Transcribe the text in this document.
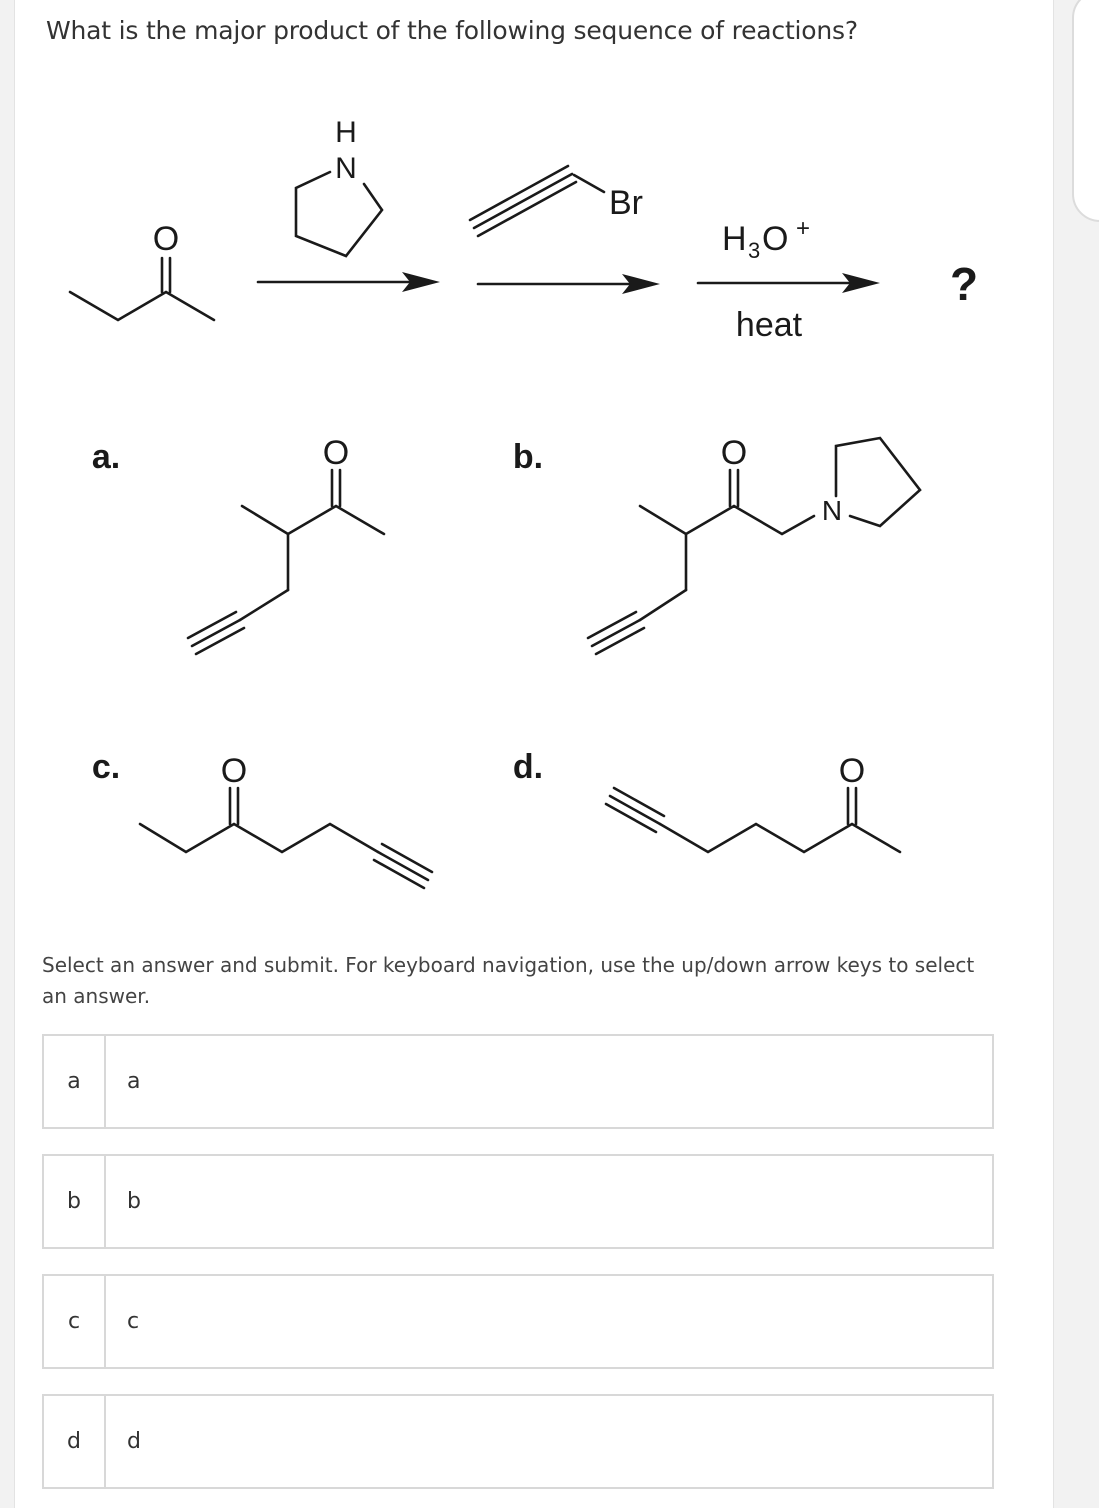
What is the major product of the following sequence of reactions?
O
H
N
Br
H 3 O +
heat
?
a.	O	b.	O
N
c.	O	d.	O
Select an answer and submit. For keyboard navigation, use the up/down arrow keys to select an answer.
a	a
b	b
c	c
d	d
